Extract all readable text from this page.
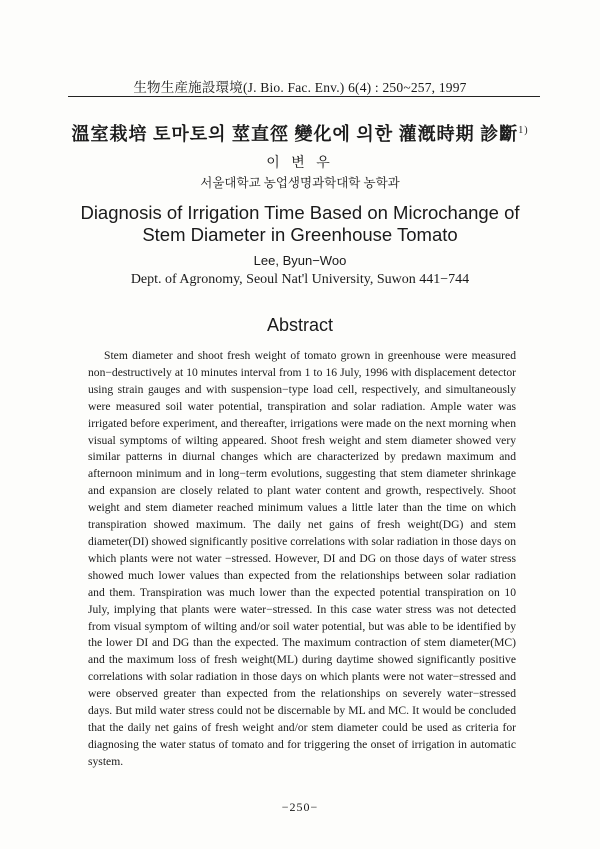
生物生産施設環境(J. Bio. Fac. Env.) 6(4) : 250~257, 1997
溫室栽培 토마토의 莖直徑 變化에 의한 灌漑時期 診斷$^{1)}$
이 변 우
서울대학교 농업생명과학대학 농학과
Diagnosis of Irrigation Time Based on Microchange of
Stem Diameter in Greenhouse Tomato
Lee, Byun−Woo
Dept. of Agronomy, Seoul Nat'l University, Suwon 441−744
Abstract

Stem diameter and shoot fresh weight of tomato grown in greenhouse were measured non−destructively at 10 minutes interval from 1 to 16 July, 1996 with displacement detector using strain gauges and with suspension−type load cell, respectively, and simultaneously were measured soil water potential, transpiration and solar radiation. Ample water was irrigated before experiment, and thereafter, irrigations were made on the next morning when visual symptoms of wilting appeared. Shoot fresh weight and stem diameter showed very similar patterns in diurnal changes which are characterized by predawn maximum and afternoon minimum and in long−term evolutions, suggesting that stem diameter shrinkage and expansion are closely related to plant water content and growth, respectively. Shoot weight and stem diameter reached minimum values a little later than the time on which transpiration showed maximum. The daily net gains of fresh weight(DG) and stem diameter(DI) showed significantly positive correlations with solar radiation in those days on which plants were not water −stressed. However, DI and DG on those days of water stress showed much lower values than expected from the relationships between solar radiation and them. Transpiration was much lower than the expected potential transpiration on 10 July, implying that plants were water−stressed. In this case water stress was not detected from visual symptom of wilting and/or soil water potential, but was able to be identified by the lower DI and DG than the expected. The maximum contraction of stem diameter(MC) and the maximum loss of fresh weight(ML) during daytime showed significantly positive correlations with solar radiation in those days on which plants were not water−stressed and were observed greater than expected from the relationships on severely water−stressed days. But mild water stress could not be discernable by ML and MC. It would be concluded that the daily net gains of fresh weight and/or stem diameter could be used as criteria for diagnosing the water status of tomato and for triggering the onset of irrigation in automatic system.

−250−
